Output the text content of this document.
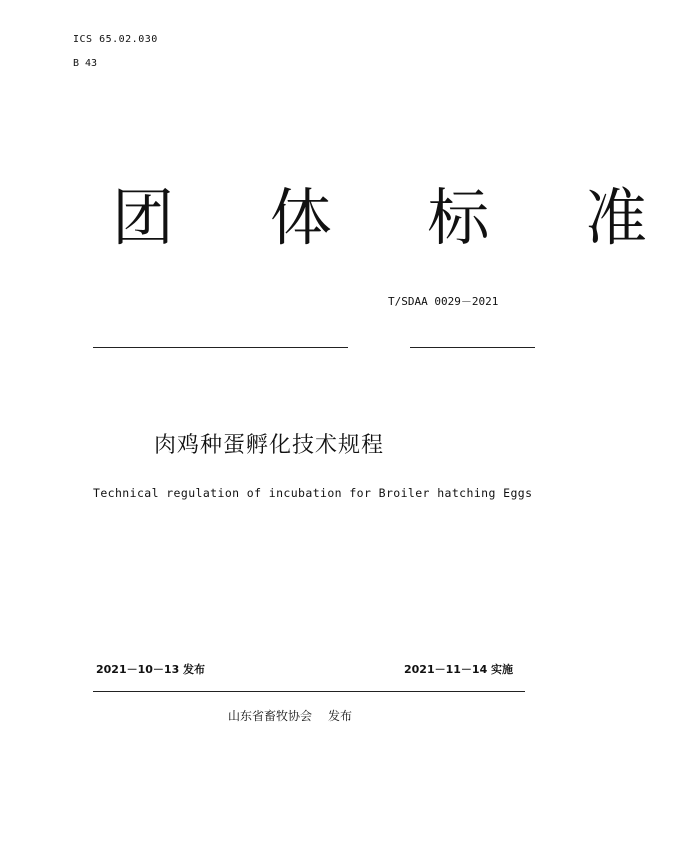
ICS 65.02.030
B 43
团 体 标 准
T/SDAA 0029－2021
肉鸡种蛋孵化技术规程
Technical regulation of incubation for Broiler hatching Eggs
2021－10－13 发布	2021－11－14 实施
山东省畜牧协会 发布
